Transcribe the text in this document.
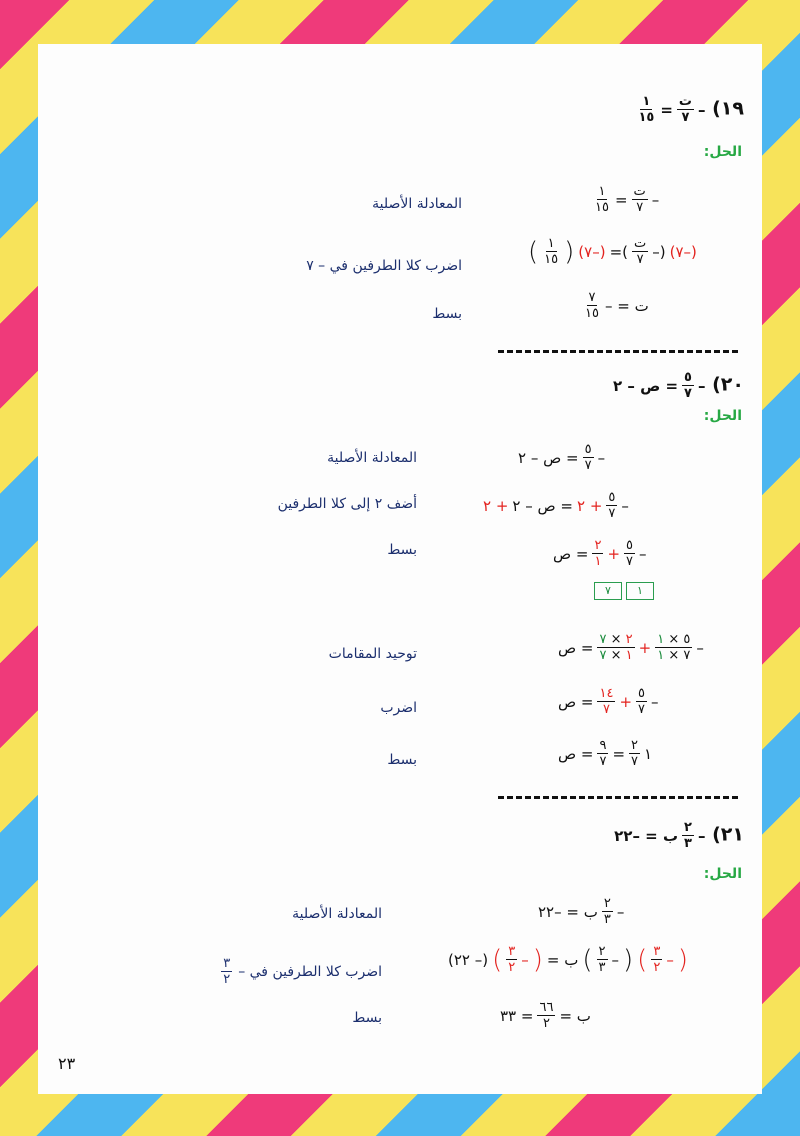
١٩) –
$\frac{\text{ت}}{٧}$
=
$\frac{١}{١٥}$
الحل:
–
$\frac{\text{ت}}{٧}$
=
$\frac{١}{١٥}$
المعادلة الأصلية
(–٧)
(–
$\frac{\text{ت}}{٧}$
)=
(–٧)
(
$\frac{١}{١٥}$
)
اضرب كلا الطرفين في – ٧
ت = –
$\frac{٧}{١٥}$
بسط
٢٠) –
$\frac{٥}{٧}$
= ص – ٢
الحل:
–
$\frac{٥}{٧}$
= ص – ٢
المعادلة الأصلية
–
$\frac{٥}{٧}$
+ ٢
= ص – ٢
+ ٢
أضف ٢ إلى كلا الطرفين
–
$\frac{٥}{٧}$
+
$\frac{٢}{١}$
= ص
بسط
٧	١
–
$\frac{٥ \times ١}{٧ \times ١}$
+
$\frac{٢ \times ٧}{١ \times ٧}$
= ص
توحيد المقامات
–
$\frac{٥}{٧}$
+
$\frac{١٤}{٧}$
= ص
اضرب
١
$\frac{٢}{٧}$
=
$\frac{٩}{٧}$
= ص
بسط
٢١) –
$\frac{٢}{٣}$
ب = –٢٢
الحل:
–
$\frac{٢}{٣}$
ب = –٢٢
المعادلة الأصلية
(
–
$\frac{٣}{٢}$
)
(
–
$\frac{٢}{٣}$
)
ب =
(
–
$\frac{٣}{٢}$
)
(– ٢٢)
اضرب كلا الطرفين في –
$\frac{٣}{٢}$
ب =
$\frac{٦٦}{٢}$
= ٣٣
بسط
٢٣
